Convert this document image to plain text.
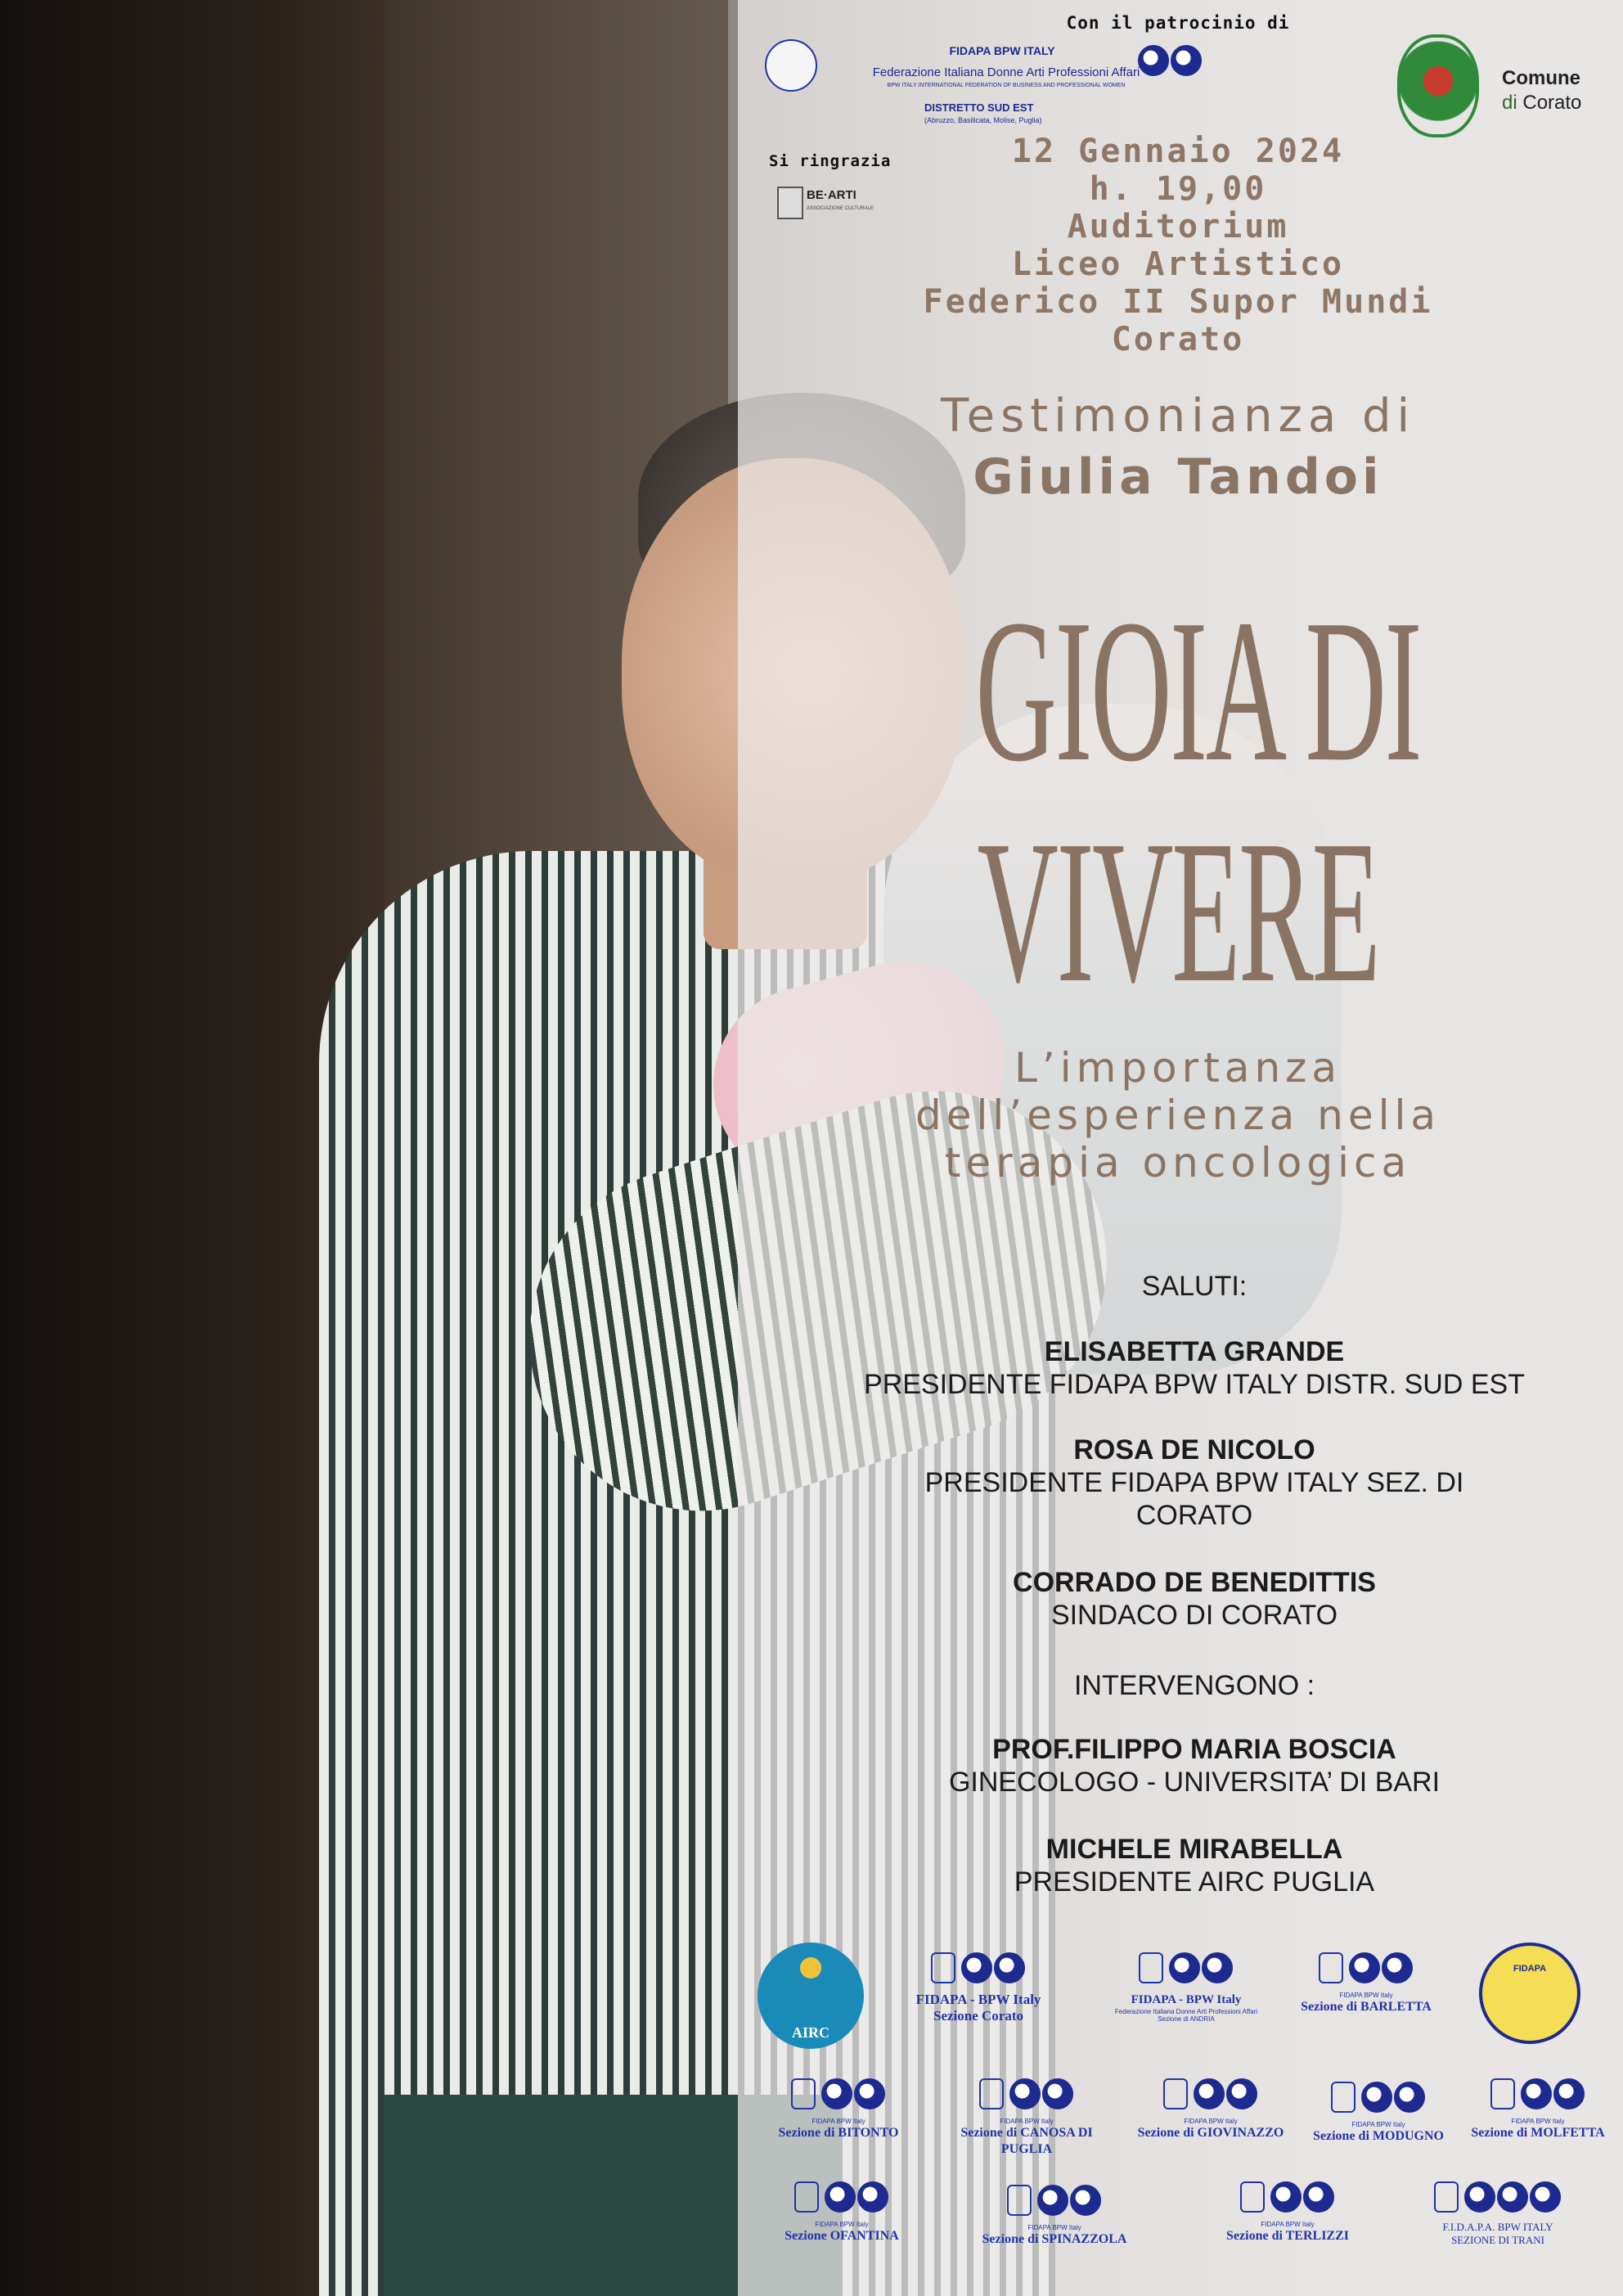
Con il patrocinio di

FIDAPA BPW ITALY

Federazione Italiana Donne Arti Professioni Affari

BPW ITALY INTERNATIONAL FEDERATION OF BUSINESS AND PROFESSIONAL WOMEN

DISTRETTO SUD EST

(Abruzzo, Basilicata, Molise, Puglia)

Comune

di Corato

Si ringrazia

BE·ARTI

ASSOCIAZIONE CULTURALE

12 Gennaio 2024
h. 19,00
Auditorium
Liceo Artistico
Federico II Supor Mundi
Corato

Testimonianza di

Giulia Tandoi

GIOIA DI

VIVERE

L’importanza
dell’esperienza nella
terapia oncologica
SALUTI:
ELISABETTA GRANDE
PRESIDENTE FIDAPA BPW ITALY DISTR. SUD EST
ROSA DE NICOLO
PRESIDENTE FIDAPA BPW ITALY SEZ. DI CORATO
CORRADO DE BENEDITTIS
SINDACO DI CORATO
INTERVENGONO :
PROF.FILIPPO MARIA BOSCIA
GINECOLOGO - UNIVERSITA’ DI BARI
MICHELE MIRABELLA
PRESIDENTE AIRC PUGLIA

AIRC

FIDAPA - BPW Italy
Sezione Corato

FIDAPA - BPW Italy
Federazione Italiana Donne Arti Professioni Affari
Sezione di ANDRIA

FIDAPA BPW Italy
Sezione di BARLETTA

FIDAPA

FIDAPA BPW Italy
Sezione di BITONTO

FIDAPA BPW Italy
Sezione di CANOSA DI
PUGLIA

FIDAPA BPW Italy
Sezione di GIOVINAZZO

FIDAPA BPW Italy
Sezione di MODUGNO

FIDAPA BPW Italy
Sezione di MOLFETTA

FIDAPA BPW Italy
Sezione OFANTINA

FIDAPA BPW Italy
Sezione di SPINAZZOLA

FIDAPA BPW Italy
Sezione di TERLIZZI

F.I.D.A.P.A. BPW ITALY
SEZIONE DI TRANI
